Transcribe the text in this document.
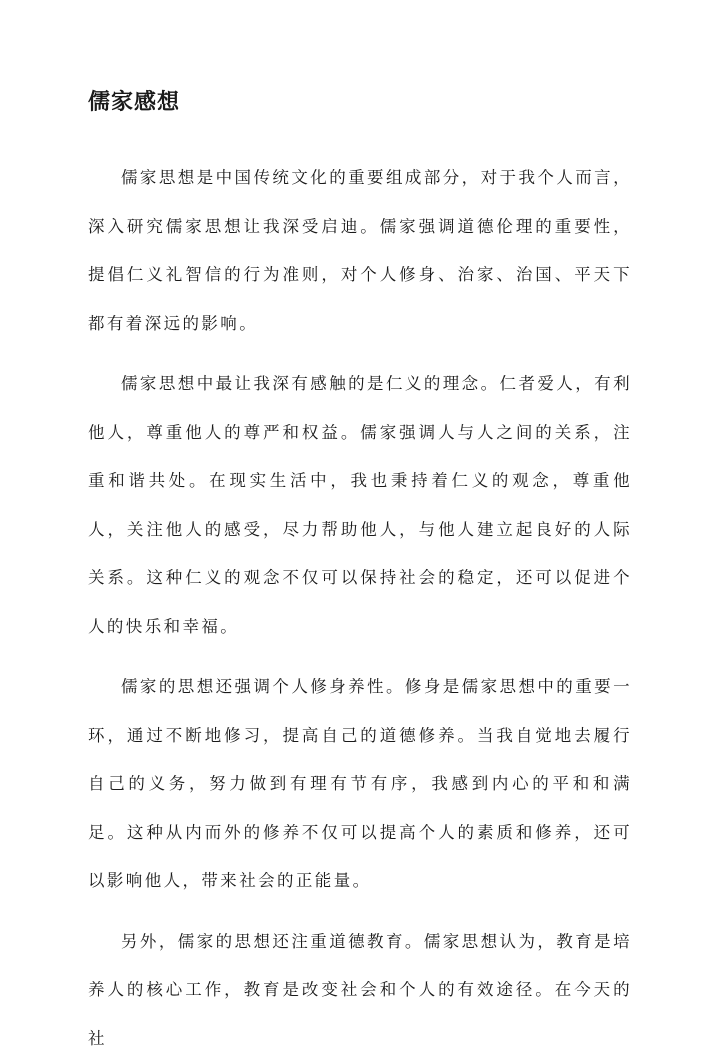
儒家感想

儒家思想是中国传统文化的重要组成部分，对于我个人而言，深入研究儒家思想让我深受启迪。儒家强调道德伦理的重要性，提倡仁义礼智信的行为准则，对个人修身、治家、治国、平天下都有着深远的影响。

儒家思想中最让我深有感触的是仁义的理念。仁者爱人，有利他人，尊重他人的尊严和权益。儒家强调人与人之间的关系，注重和谐共处。在现实生活中，我也秉持着仁义的观念，尊重他人，关注他人的感受，尽力帮助他人，与他人建立起良好的人际关系。这种仁义的观念不仅可以保持社会的稳定，还可以促进个人的快乐和幸福。

儒家的思想还强调个人修身养性。修身是儒家思想中的重要一环，通过不断地修习，提高自己的道德修养。当我自觉地去履行自己的义务，努力做到有理有节有序，我感到内心的平和和满足。这种从内而外的修养不仅可以提高个人的素质和修养，还可以影响他人，带来社会的正能量。

另外，儒家的思想还注重道德教育。儒家思想认为，教育是培养人的核心工作，教育是改变社会和个人的有效途径。在今天的社
